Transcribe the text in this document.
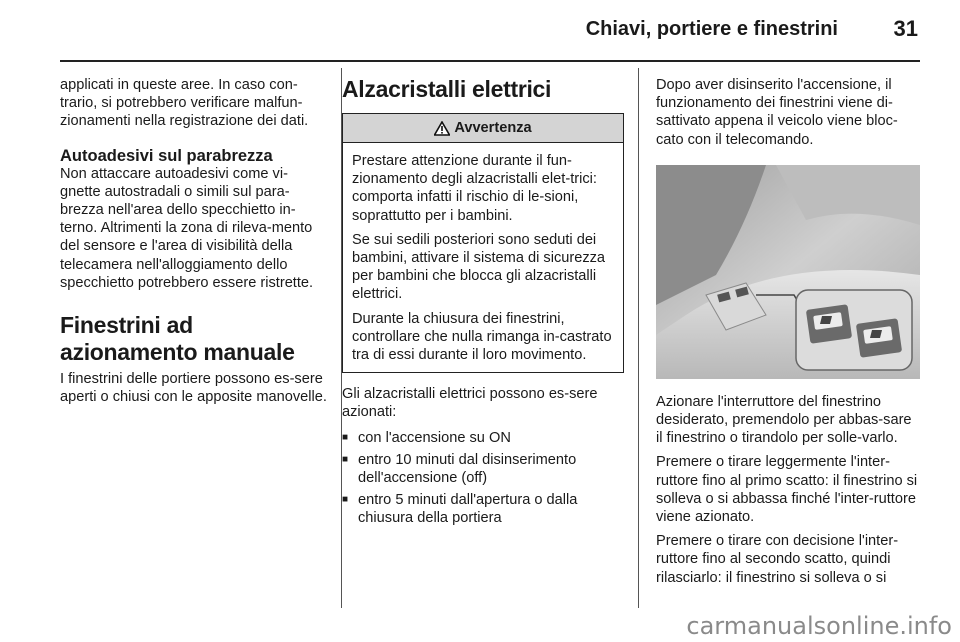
Chiavi, portiere e finestrini	31

applicati in queste aree. In caso con-trario, si potrebbero verificare malfun-zionamenti nella registrazione dei dati.

Autoadesivi sul parabrezza

Non attaccare autoadesivi come vi-gnette autostradali o simili sul para-brezza nell'area dello specchietto in-terno. Altrimenti la zona di rileva-mento del sensore e l'area di visibilità della telecamera nell'alloggiamento dello specchietto potrebbero essere ristrette.

Finestrini ad azionamento manuale

I finestrini delle portiere possono es-sere aperti o chiusi con le apposite manovelle.

Alzacristalli elettrici
Avvertenza

Prestare attenzione durante il fun-zionamento degli alzacristalli elet-trici: comporta infatti il rischio di le-sioni, soprattutto per i bambini.

Se sui sedili posteriori sono seduti dei bambini, attivare il sistema di sicurezza per bambini che blocca gli alzacristalli elettrici.

Durante la chiusura dei finestrini, controllare che nulla rimanga in-castrato tra di essi durante il loro movimento.

Gli alzacristalli elettrici possono es-sere azionati:

■ con l'accensione su ON

■ entro 10 minuti dal disinserimento dell'accensione (off)

■ entro 5 minuti dall'apertura o dalla chiusura della portiera

Dopo aver disinserito l'accensione, il funzionamento dei finestrini viene di-sattivato appena il veicolo viene bloc-cato con il telecomando.

Azionare l'interruttore del finestrino desiderato, premendolo per abbas-sare il finestrino o tirandolo per solle-varlo.

Premere o tirare leggermente l'inter-ruttore fino al primo scatto: il finestrino si solleva o si abbassa finché l'inter-ruttore viene azionato.

Premere o tirare con decisione l'inter-ruttore fino al secondo scatto, quindi rilasciarlo: il finestrino si solleva o si

carmanualsonline.info
